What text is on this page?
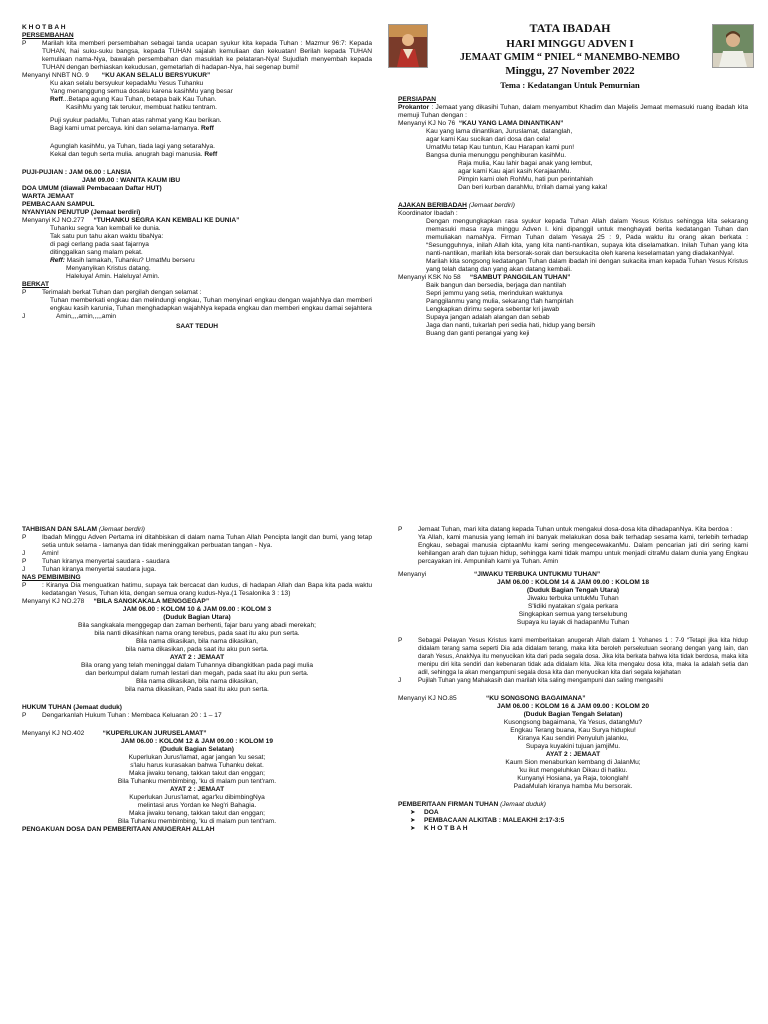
TATA IBADAH
HARI MINGGU ADVEN I
JEMAAT GMIM “ PNIEL “ MANEMBO-NEMBO
Minggu, 27 November 2022
Tema : Kedatangan Untuk Pemurnian
K H O T B A H
PERSEMBAHAN
P	Marilah kita memberi persembahan sebagai tanda ucapan syukur kita kepada Tuhan : Mazmur 96:7: Kepada TUHAN, hai suku-suku bangsa, kepada TUHAN sajalah kemuliaan dan kekuatan! Berilah kepada TUHAN kemuliaan nama-Nya, bawalah persembahan dan masuklah ke pelataran-Nya! Sujudlah menyembah kepada TUHAN dengan berhiaskan kekudusan, gemetarlah di hadapan-Nya, hai segenap bumi!
Menyanyi NNBT NO. 9 “KU AKAN SELALU BERSYUKUR”
Ku akan selalu bersyukur kepadaMu Yesus Tuhanku
Yang menanggung semua dosaku karena kasihMu yang besar
Reff...Betapa agung Kau Tuhan, betapa baik Kau Tuhan.
KasihMu yang tak terukur, membuat hatiku tentram.
Puji syukur padaMu, Tuhan atas rahmat yang Kau berikan.
Bagi kami umat percaya. kini dan selama-lamanya. Reff
Agunglah kasihMu, ya Tuhan, tiada lagi yang setaraNya.
Kekal dan teguh serta mulia. anugrah bagi manusia. Reff
PUJI-PUJIAN : JAM 06.00 : LANSIA
JAM 09.00 : WANITA KAUM IBU
DOA UMUM (diawali Pembacaan Daftar HUT)
WARTA JEMAAT
PEMBACAAN SAMPUL
NYANYIAN PENUTUP (Jemaat berdiri)
Menyanyi KJ NO.277 “TUHANKU SEGRA KAN KEMBALI KE DUNIA”
Tuhanku segra 'kan kembali ke dunia.
Tak satu pun tahu akan waktu tibaNya:
di pagi cerlang pada saat fajarnya
ditinggalkan sang malam pekat.
Reff: Masih lamakah, Tuhanku? UmatMu berseru
Menyanyikan Kristus datang.
Haleluya! Amin. Haleluya! Amin.
BERKAT
P	Terimalah berkat Tuhan dan pergilah dengan selamat :
Tuhan memberkati engkau dan melindungi engkau, Tuhan menyinari engkau dengan wajahNya dan memberi engkau kasih karunia, Tuhan menghadapkan wajahNya kepada engkau dan memberi engkau damai sejahtera
J	Amin,,,,amin,,,,,amin
SAAT TEDUH
PERSIAPAN
Prokantor : Jemaat yang dikasihi Tuhan, dalam menyambut Khadim dan Majelis Jemaat memasuki ruang ibadah kita memuji Tuhan dengan :
Menyanyi KJ No 76 “KAU YANG LAMA DINANTIKAN”
Kau yang lama dinantikan, Juruslamat, datanglah,
agar kami Kau sucikan dari dosa dan cela!
UmatMu tetap Kau tuntun, Kau Harapan kami pun!
Bangsa dunia menunggu penghiburan kasihMu.
Raja mulia, Kau lahir bagai anak yang lembut,
agar kami Kau ajari kasih KerajaanMu.
Pimpin kami oleh RohMu, hati pun perintahlah
Dan beri kurban darahMu, b'rilah damai yang kaka!
AJAKAN BERIBADAH (Jemaat berdiri)
Koordinator Ibadah :
Dengan mengungkapkan rasa syukur kepada Tuhan Allah dalam Yesus Kristus sehingga kita sekarang memasuki masa raya minggu Adven I. kini dipanggil untuk menghayati berita kedatangan Tuhan dan memuliakan namaNya. Firman Tuhan dalam Yesaya 25 : 9, Pada waktu itu orang akan berkata : “Sesungguhnya, inilah Allah kita, yang kita nanti-nantikan, supaya kita diselamatkan. Inilah Tuhan yang kita nanti-nantikan, marilah kita bersorak-sorak dan bersukacita oleh karena keselamatan yang diadakanNya!.
Marilah kita songsong kedatangan Tuhan dalam ibadah ini dengan sukacita iman kepada Tuhan Yesus Kristus yang telah datang dan yang akan datang kembali.
Menyanyi KSK No 58 “SAMBUT PANGGILAN TUHAN”
Baik bangun dan bersedia, berjaga dan nantilah
Sepri jemmu yang setia, merindukan waktunya
Panggilanmu yang mulia, sekarang t'lah hampirlah
Lengkapkan dirimu segera sebentar kri jawab
Supaya jangan adalah alangan dan sebab
Jaga dan nanti, tukarlah peri sedia hati, hidup yang bersih
Buang dan ganti perangai yang keji
TAHBISAN DAN SALAM (Jemaat berdiri)
P	Ibadah Minggu Adven Pertama ini ditahbiskan di dalam nama Tuhan Allah Pencipta langit dan bumi, yang tetap setia untuk selama - lamanya dan tidak meninggalkan perbuatan tangan - Nya.
J	Amin!
P	Tuhan kiranya menyertai saudara - saudara
J	Tuhan kiranya menyertai saudara juga.
NAS PEMBIMBING
P	: Kiranya Dia menguatkan hatimu, supaya tak bercacat dan kudus, di hadapan Allah dan Bapa kita pada waktu kedatangan Yesus, Tuhan kita, dengan semua orang kudus-Nya.(1 Tesalonika 3 : 13)
Menyanyi KJ NO.278 “BILA SANGKAKALA MENGGEGAP”
JAM 06.00 : KOLOM 10 & JAM 09.00 : KOLOM 3
(Duduk Bagian Utara)
Bila sangkakala menggegap dan zaman berhenti, fajar baru yang abadi merekah;
bila nanti dikasihkan nama orang terebus, pada saat itu aku pun serta.
Bila nama dikasikan, bila nama dikasikan,
bila nama dikasikan, pada saat itu aku pun serta.
AYAT 2 : JEMAAT
Bila orang yang telah meninggal dalam Tuhannya dibangkitkan pada pagi mulia
dan berkumpul dalam rumah lestari dan megah, pada saat itu aku pun serta.
Bila nama dikasikan, bila nama dikasikan,
bila nama dikasikan, Pada saat itu aku pun serta.
HUKUM TUHAN (Jemaat duduk)
P	Dengarkanlah Hukum Tuhan : Membaca Keluaran 20 : 1 – 17
Menyanyi KJ NO.402	“KUPERLUKAN JURUSELAMAT”
JAM 06.00 : KOLOM 12 & JAM 09.00 : KOLOM 19
(Duduk Bagian Selatan)
Kuperlukan Jurus'lamat, agar jangan 'ku sesat;
s'lalu harus kurasakan bahwa Tuhanku dekat.
Maka jiwaku tenang, takkan takut dan enggan;
Bila Tuhanku membimbing, 'ku di malam pun tent'ram.
AYAT 2 : JEMAAT
Kuperlukan Jurus'lamat, agar'ku dibimbingNya
melintasi arus Yordan ke Neg'ri Bahagia.
Maka jiwaku tenang, takkan takut dan enggan;
Bila Tuhanku membimbing, 'ku di malam pun tent'ram.
PENGAKUAN DOSA DAN PEMBERITAAN ANUGERAH ALLAH
P	Jemaat Tuhan, mari kita datang kepada Tuhan untuk mengakui dosa-dosa kita dihadapanNya. Kita berdoa :
Ya Allah, kami manusia yang lemah ini banyak melakukan dosa baik terhadap sesama kami, terlebih terhadap Engkau, sebagai manusia ciptaanMu kami sering mengecewakanMu. Dalam pencarian jati diri sering kami kehilangan arah dan tujuan hidup, sehingga kami tidak mampu untuk menjadi citraMu dalam dunia yang Engkau percayakan ini. Ampunilah kami ya Tuhan. Amin
Menyanyi	“JIWAKU TERBUKA UNTUKMU TUHAN”
JAM 06.00 : KOLOM 14 & JAM 09.00 : KOLOM 18
(Duduk Bagian Tengah Utara)
Jiwaku terbuka untukMu Tuhan
S'lidiki nyatakan s'gala perkara
Singkapkan semua yang terselubung
Supaya ku layak di hadapanMu Tuhan
P	Sebagai Pelayan Yesus Kristus kami memberitakan anugerah Allah dalam 1 Yohanes 1 : 7-9 “Tetapi jika kita hidup didalam terang sama seperti Dia ada didalam terang, maka kita beroleh persekutuan seorang dengan yang lain, dan darah Yesus, AnakNya itu menyucikan kita dari pada segala dosa. Jika kita berkata bahwa kita tidak berdosa, maka kita menipu diri kita sendiri dan kebenaran tidak ada didalam kita. Jika kita mengaku dosa kita, maka Ia adalah setia dan adil, sehingga Ia akan mengampuni segala dosa kita dan menyucikan kita dari segala kejahatan
J	Pujilah Tuhan yang Mahakasih dan marilah kita saling mengampuni dan saling mengasihi
Menyanyi KJ NO.85	“KU SONGSONG BAGAIMANA”
JAM 06.00 : KOLOM 16 & JAM 09.00 : KOLOM 20
(Duduk Bagian Tengah Selatan)
Kusongsong bagaimana, Ya Yesus, datangMu?
Engkau Terang buana, Kau Surya hidupku!
Kiranya Kau sendiri Penyuluh jalanku,
Supaya kuyakini tujuan jamjiMu.
AYAT 2 : JEMAAT
Kaum Sion menaburkan kembang di JalanMu;
'ku ikut mengeluhkan Dikau di hatiku.
Kunyanyi Hosiana, ya Raja, tolonglah!
PadaMulah kiranya hamba Mu bersorak.
PEMBERITAAN FIRMAN TUHAN (Jemaat duduk)
➤ DOA
➤ PEMBACAAN ALKITAB : MALEAKHI 2:17-3:5
➤ K H O T B A H
